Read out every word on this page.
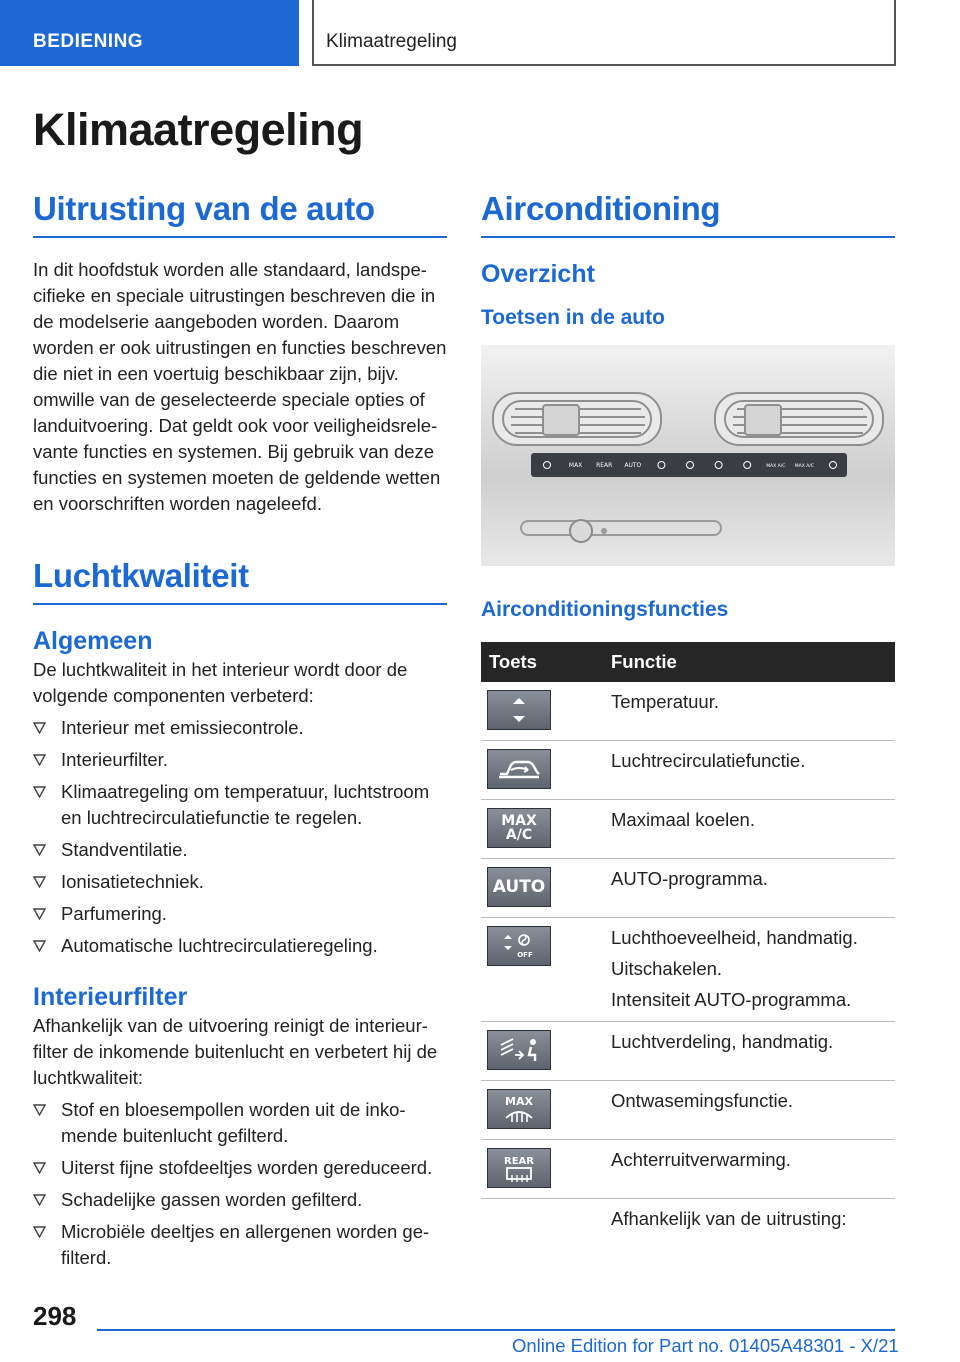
BEDIENING	Klimaatregeling
Klimaatregeling
Uitrusting van de auto

In dit hoofdstuk worden alle standaard, landspecifieke en speciale uitrustingen beschreven die in de modelserie aangeboden worden. Daarom worden er ook uitrustingen en functies beschreven die niet in een voertuig beschikbaar zijn, bijv. omwille van de geselecteerde speciale opties of landuitvoering. Dat geldt ook voor veiligheidsrelevante functies en systemen. Bij gebruik van deze functies en systemen moeten de geldende wetten en voorschriften worden nageleefd.

Luchtkwaliteit
Algemeen

De luchtkwaliteit in het interieur wordt door de volgende componenten verbeterd:

Interieur met emissiecontrole.
Interieurfilter.
Klimaatregeling om temperatuur, luchtstroom en luchtrecirculatiefunctie te regelen.
Standventilatie.
Ionisatietechniek.
Parfumering.
Automatische luchtrecirculatieregeling.
Interieurfilter

Afhankelijk van de uitvoering reinigt de interieurfilter de inkomende buitenlucht en verbetert hij de luchtkwaliteit:

Stof en bloesempollen worden uit de inkomende buitenlucht gefilterd.
Uiterst fijne stofdeeltjes worden gereduceerd.
Schadelijke gassen worden gefilterd.
Microbiële deeltjes en allergenen worden gefilterd.
Airconditioning
Overzicht
Toetsen in de auto
MAX REAR AUTO	MAX A/C MAX A/C
Airconditioningsfuncties
Toets	Functie

Temperatuur.

Luchtrecirculatiefunctie.

MAX
A/C	Maximaal koelen.

AUTO	AUTO-programma.

OFF	Luchthoeveelheid, handmatig.
Uitschakelen.
Intensiteit AUTO-programma.

Luchtverdeling, handmatig.

MAX	Ontwasemingsfunctie.

REAR	Achterruitverwarming.

	Afhankelijk van de uitrusting:
298
Online Edition for Part no. 01405A48301 - X/21
